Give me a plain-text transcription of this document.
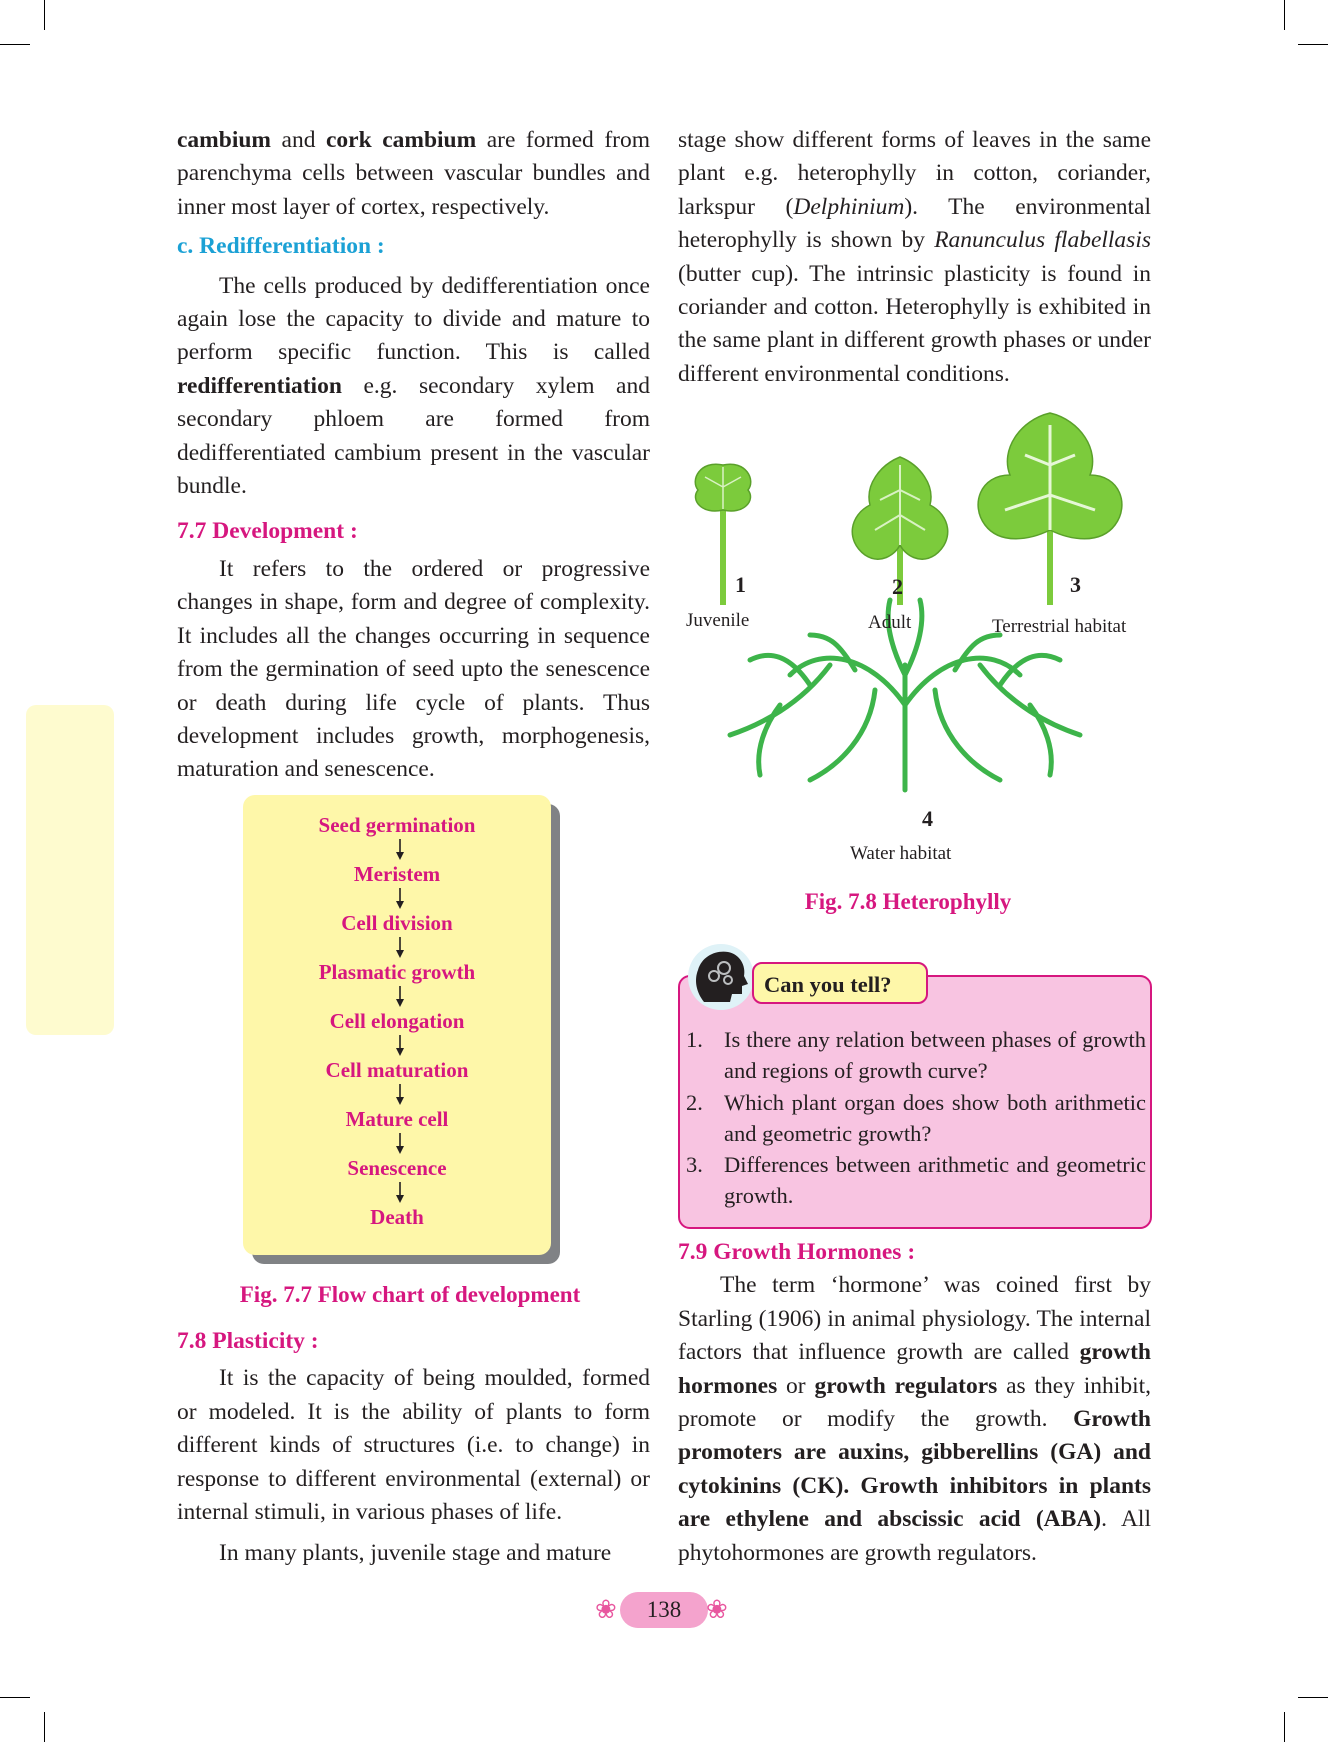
cambium and cork cambium are formed from parenchyma cells between vascular bundles and inner most layer of cortex, respectively.

c. Redifferentiation :

The cells produced by dedifferentiation once again lose the capacity to divide and mature to perform specific function. This is called redifferentiation e.g. secondary xylem and secondary phloem are formed from dedifferentiated cambium present in the vascular bundle.

7.7 Development :

It refers to the ordered or progressive changes in shape, form and degree of complexity. It includes all the changes occurring in sequence from the germination of seed upto the senescence or death during life cycle of plants. Thus development includes growth, morphogenesis, maturation and senescence.

Seed germination
Meristem
Cell division
Plasmatic growth
Cell elongation
Cell maturation
Mature cell
Senescence
Death
Fig. 7.7 Flow chart of development
7.8 Plasticity :

It is the capacity of being moulded, formed or modeled. It is the ability of plants to form different kinds of structures (i.e. to change) in response to different environmental (external) or internal stimuli, in various phases of life.

In many plants, juvenile stage and mature

stage show different forms of leaves in the same plant e.g. heterophylly in cotton, coriander, larkspur (Delphinium). The environmental heterophylly is shown by Ranunculus flabellasis (butter cup). The intrinsic plasticity is found in coriander and cotton. Heterophylly is exhibited in the same plant in different growth phases or under different environmental conditions.

1	2	3
Juvenile	Adult	Terrestrial habitat
4
Water habitat
Fig. 7.8 Heterophylly
Can you tell?
1. Is there any relation between phases of growth and regions of growth curve?
2. Which plant organ does show both arithmetic and geometric growth?
3. Differences between arithmetic and geometric growth.
7.9 Growth Hormones :

The term ‘hormone’ was coined first by Starling (1906) in animal physiology. The internal factors that influence growth are called growth hormones or growth regulators as they inhibit, promote or modify the growth. Growth promoters are auxins, gibberellins (GA) and cytokinins (CK). Growth inhibitors in plants are ethylene and abscissic acid (ABA). All phytohormones are growth regulators.

❀	138 ❀
